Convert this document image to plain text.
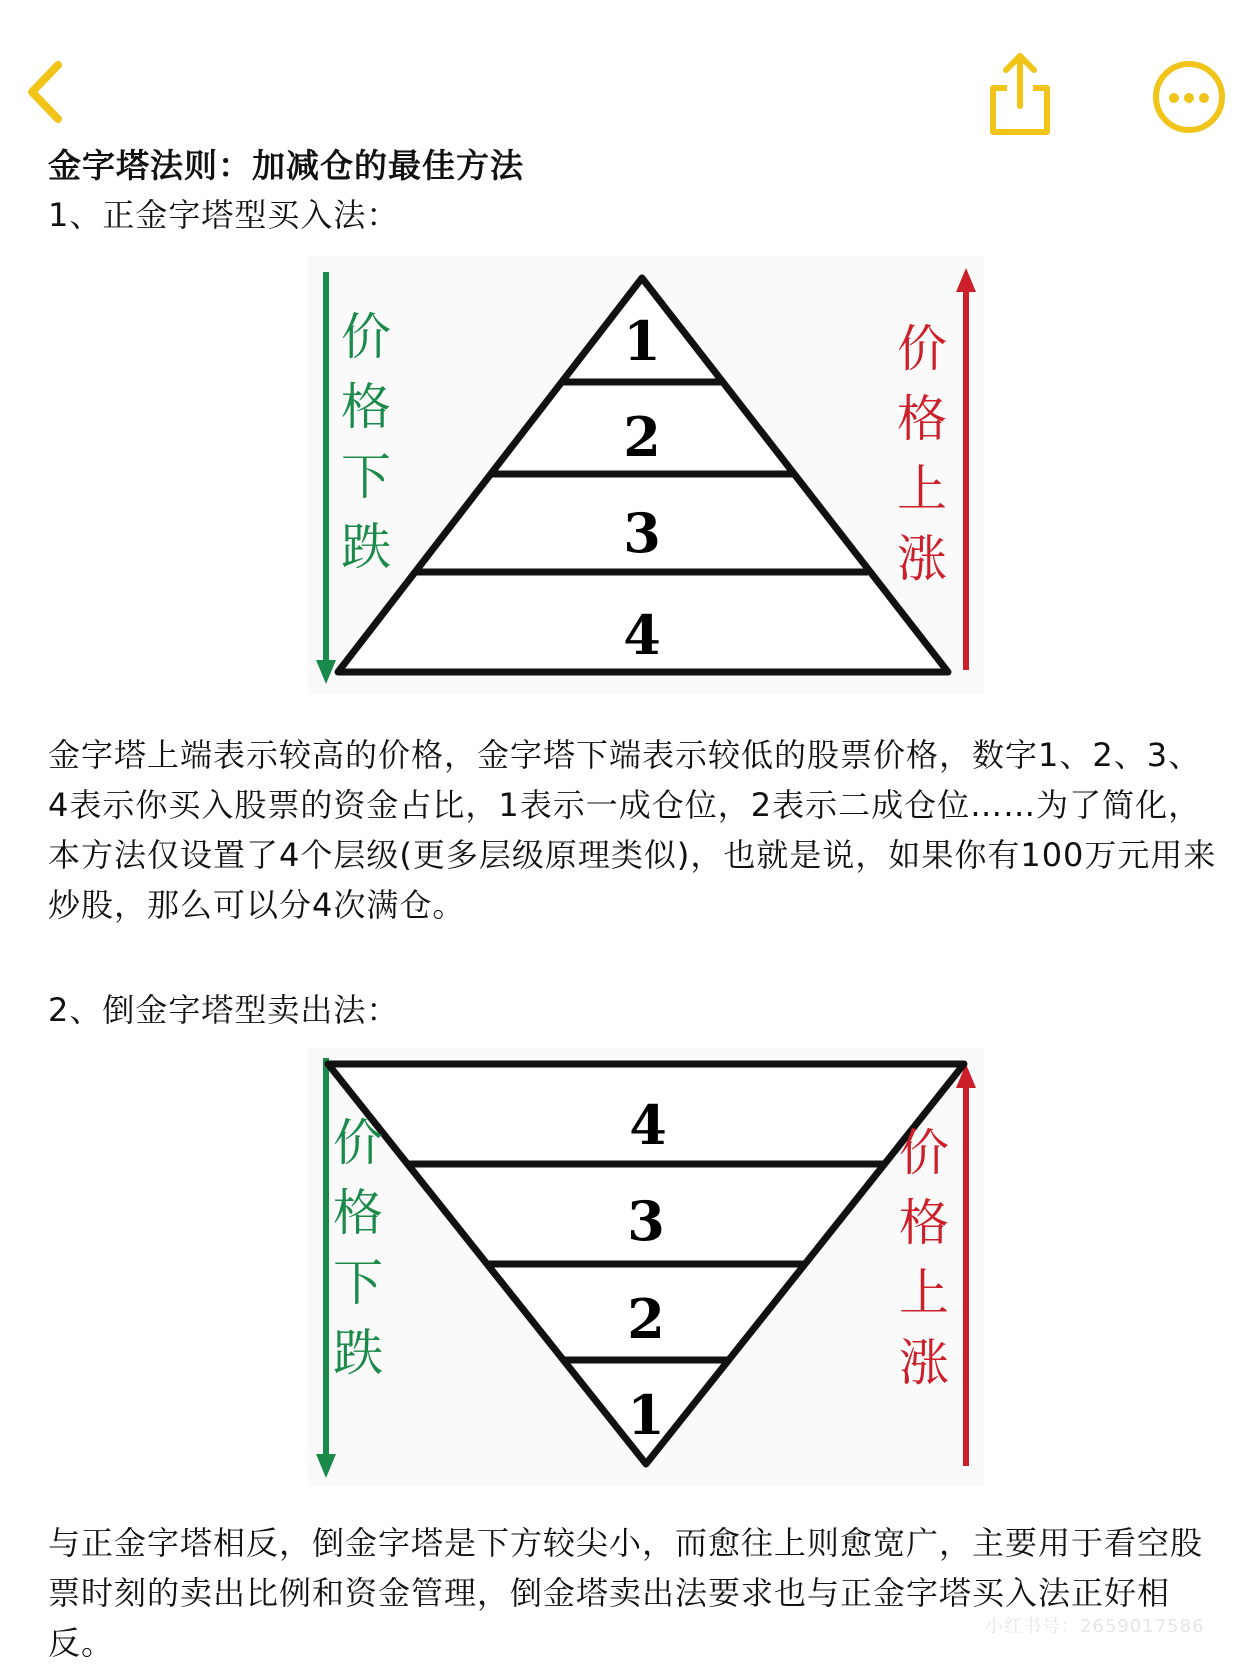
金字塔法则：加减仓的最佳方法
1、正金字塔型买入法：
1
2
3
4
价
格
下
跌
价
格
上
涨

金字塔上端表示较高的价格，金字塔下端表示较低的股票价格，数字1、2、3、4表示你买入股票的资金占比，1表示一成仓位，2表示二成仓位……为了简化，本方法仅设置了4个层级(更多层级原理类似)，也就是说，如果你有100万元用来炒股，那么可以分4次满仓。

2、倒金字塔型卖出法：
4
3
2
1
价
格
下
跌
价
格
上
涨

与正金字塔相反，倒金字塔是下方较尖小，而愈往上则愈宽广，主要用于看空股票时刻的卖出比例和资金管理，倒金塔卖出法要求也与正金字塔买入法正好相反。	小红书号：2659017586
